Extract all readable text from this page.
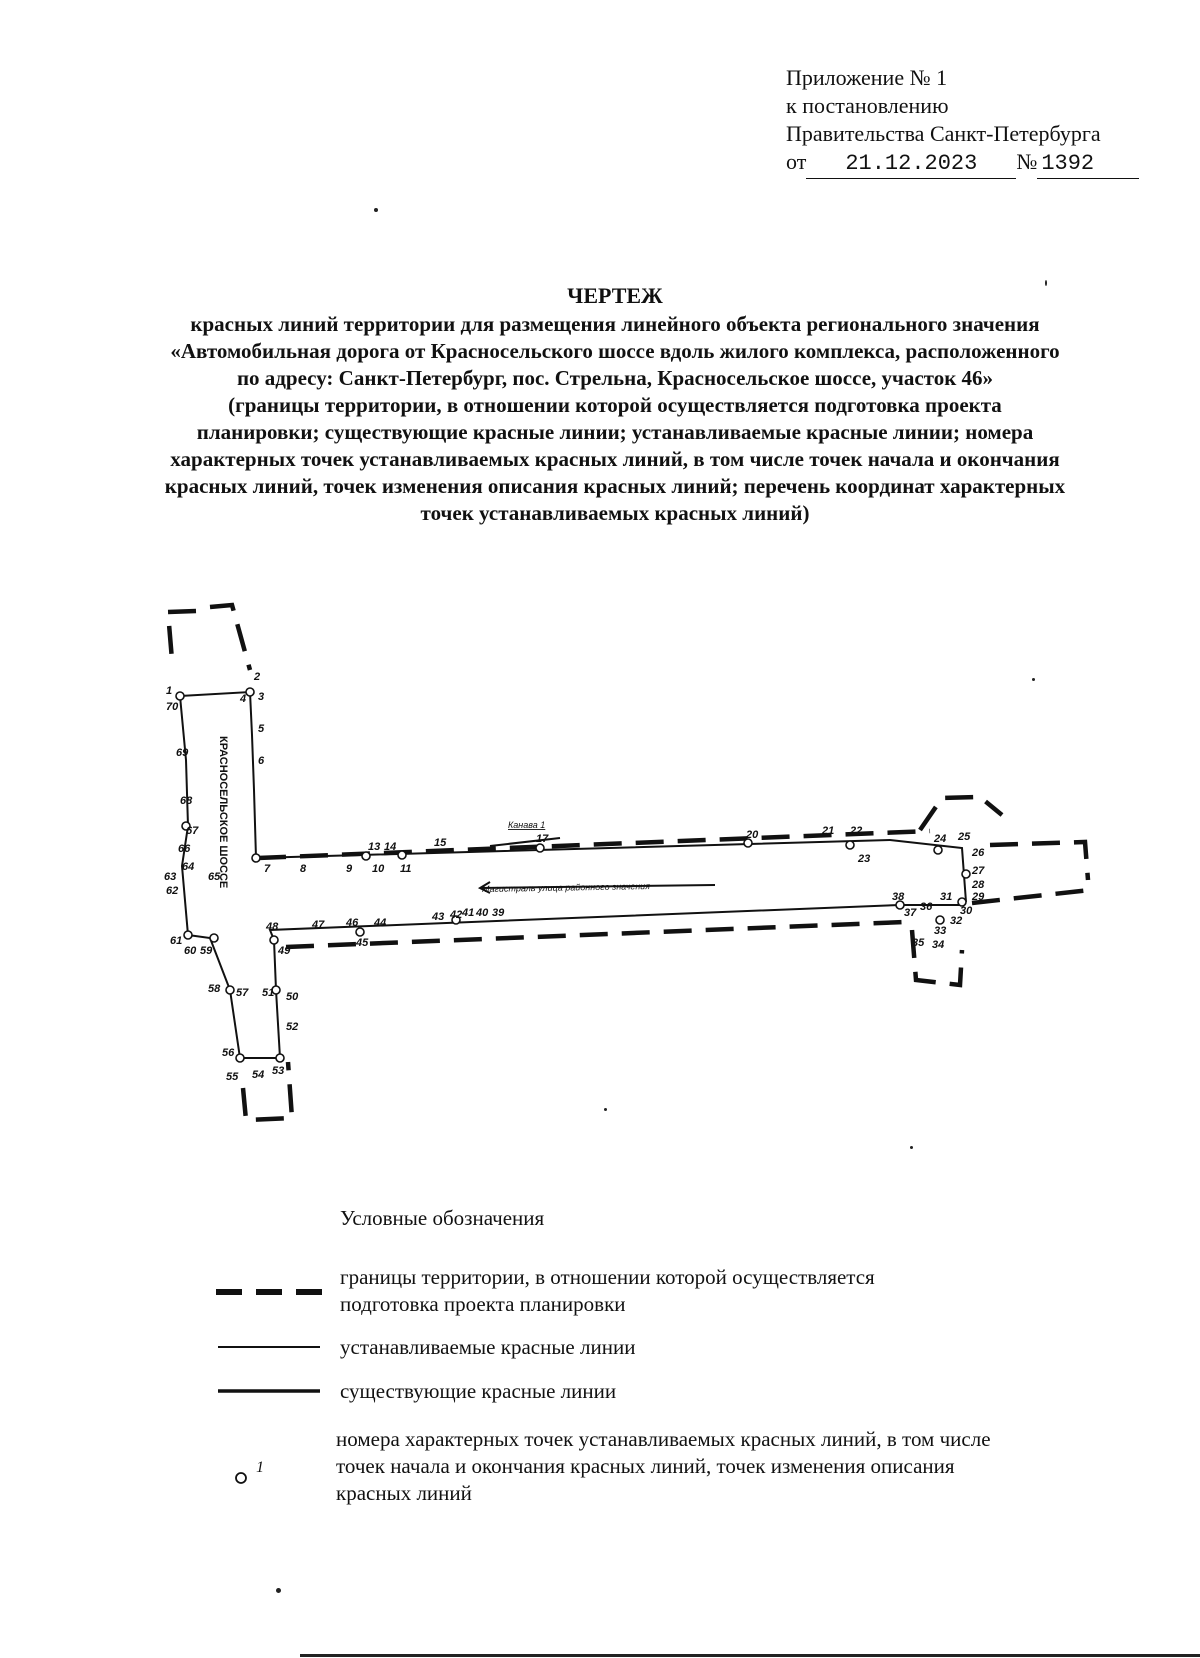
Приложение № 1
к постановлению
Правительства Санкт-Петербурга
от 21.12.2023 № 1392
ЧЕРТЕЖ
красных линий территории для размещения линейного объекта регионального значения
«Автомобильная дорога от Красносельского шоссе вдоль жилого комплекса, расположенного
по адресу: Санкт-Петербург, пос. Стрельна, Красносельское шоссе, участок 46»
(границы территории, в отношении которой осуществляется подготовка проекта
планировки; существующие красные линии; устанавливаемые красные линии; номера
характерных точек устанавливаемых красных линий, в том числе точек начала и окончания
красных линий, точек изменения описания красных линий; перечень координат характерных
точек устанавливаемых красных линий)
1
2
3
4
5
6
7	8	9 10 11
13 14	15	17	20	21 22
23
24 25
26
27
28
29
30
31
32
33
34
35
36
37
38
39
40
41
42
43
44
45
46
47
48
49
50
51
52
53
54
55
56
57
58
59
60
61
62
63
64
65
66
67
68
69
70
КРАСНОСЕЛЬСКОЕ ШОССЕ	Канава 1
Магистраль улица районного значения
Условные обозначения
границы территории, в отношении которой осуществляется
подготовка проекта планировки
устанавливаемые красные линии
существующие красные линии
1
номера характерных точек устанавливаемых красных линий, в том числе
точек начала и окончания красных линий, точек изменения описания
красных линий
